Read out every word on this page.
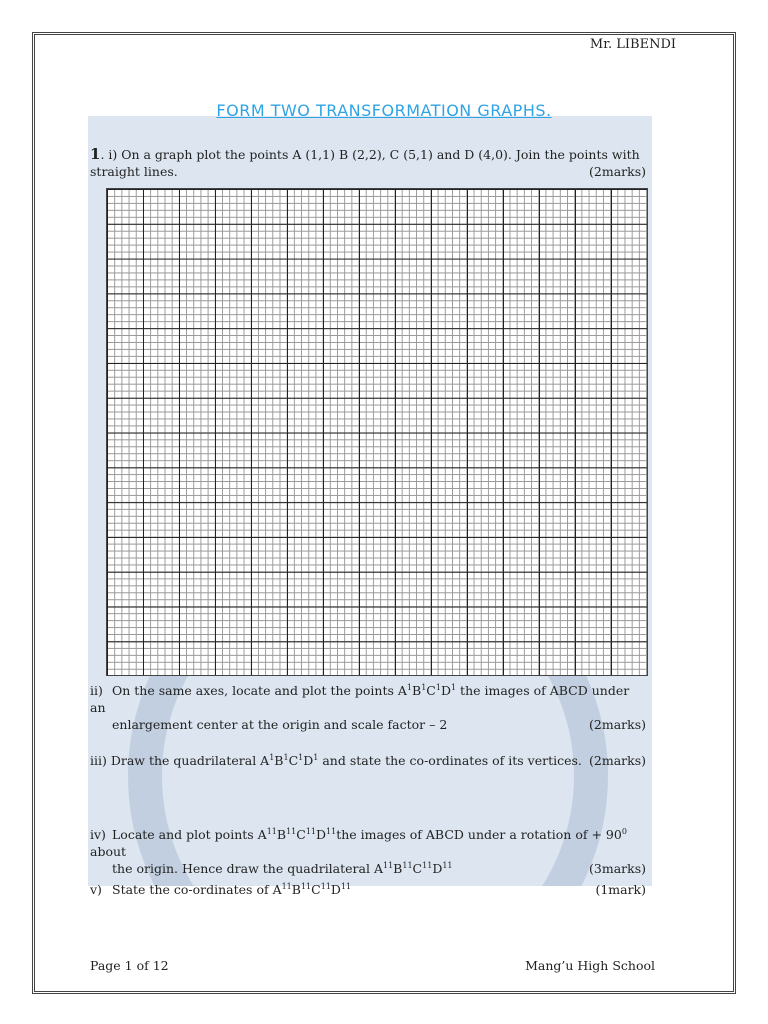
Mr. LIBENDI
FORM TWO TRANSFORMATION GRAPHS.
1. i) On a graph plot the points A (1,1) B (2,2), C (5,1) and D (4,0). Join the points with
straight lines.	(2marks)
ii) On the same axes, locate and plot the points $A^1B^1C^1D^1$ the images of ABCD under an
enlargement center at the origin and scale factor – 2	(2marks)
iii) Draw the quadrilateral $A^1B^1C^1D^1$ and state the co-ordinates of its vertices. (2marks)
iv) Locate and plot points $A^{11}B^{11}C^{11}D^{11}the$ images of ABCD under a rotation of + $90^0$ about
the origin. Hence draw the quadrilateral $A^{11}B^{11}C^{11}D^{11}$	(3marks)
v) State the co-ordinates of $A^{11}B^{11}C^{11}D^{11}$	(1mark)
Page 1 of 12	Mang’u High School
